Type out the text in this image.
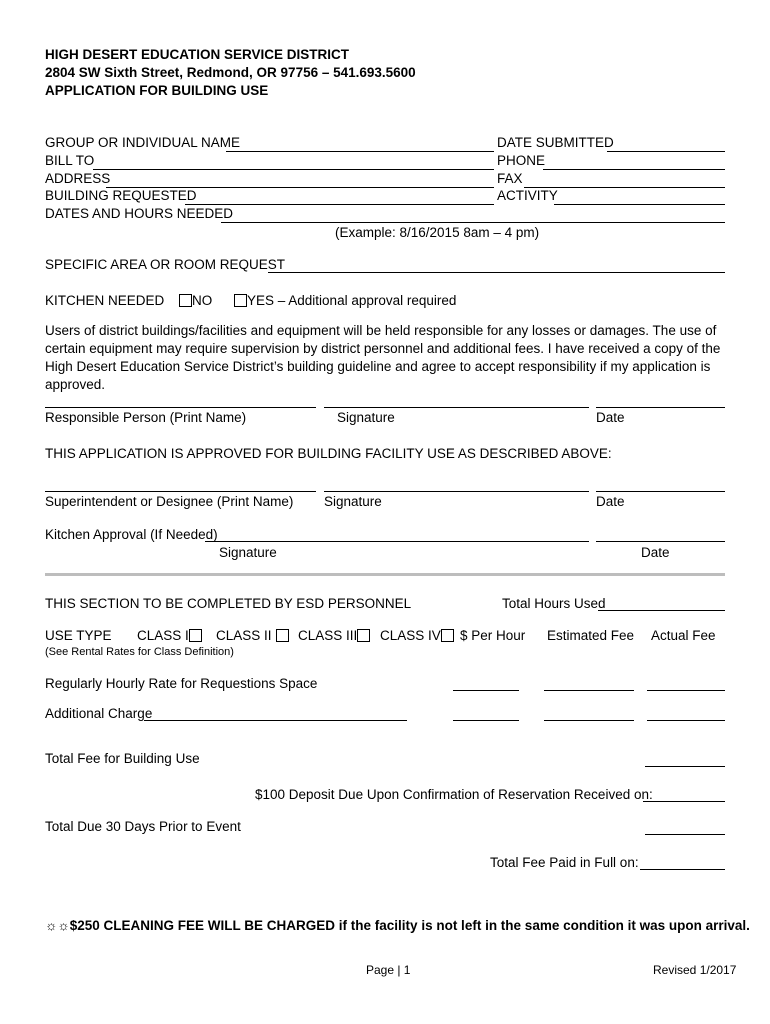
HIGH DESERT EDUCATION SERVICE DISTRICT
2804 SW Sixth Street, Redmond, OR 97756 – 541.693.5600
APPLICATION FOR BUILDING USE
GROUP OR INDIVIDUAL NAME
BILL TO
ADDRESS
BUILDING REQUESTED
DATES AND HOURS NEEDED
DATE SUBMITTED
PHONE
FAX
ACTIVITY
(Example: 8/16/2015 8am – 4 pm)
SPECIFIC AREA OR ROOM REQUEST
KITCHEN NEEDED	NO	YES – Additional approval required
Users of district buildings/facilities and equipment will be held responsible for any losses or damages. The use of certain equipment may require supervision by district personnel and additional fees. I have received a copy of the High Desert Education Service District’s building guideline and agree to accept responsibility if my application is approved.
Responsible Person (Print Name)	Signature	Date
THIS APPLICATION IS APPROVED FOR BUILDING FACILITY USE AS DESCRIBED ABOVE:
Superintendent or Designee (Print Name) Signature	Date
Kitchen Approval (If Needed)
Signature	Date
THIS SECTION TO BE COMPLETED BY ESD PERSONNEL	Total Hours Used
USE TYPE CLASS I	CLASS II	CLASS III	CLASS IV	$ Per Hour Estimated Fee Actual Fee
(See Rental Rates for Class Definition)
Regularly Hourly Rate for Requestions Space
Additional Charge
Total Fee for Building Use
$100 Deposit Due Upon Confirmation of Reservation Received on:
Total Due 30 Days Prior to Event
Total Fee Paid in Full on:
☼☼$250 CLEANING FEE WILL BE CHARGED if the facility is not left in the same condition it was upon arrival.
Page | 1	Revised 1/2017
